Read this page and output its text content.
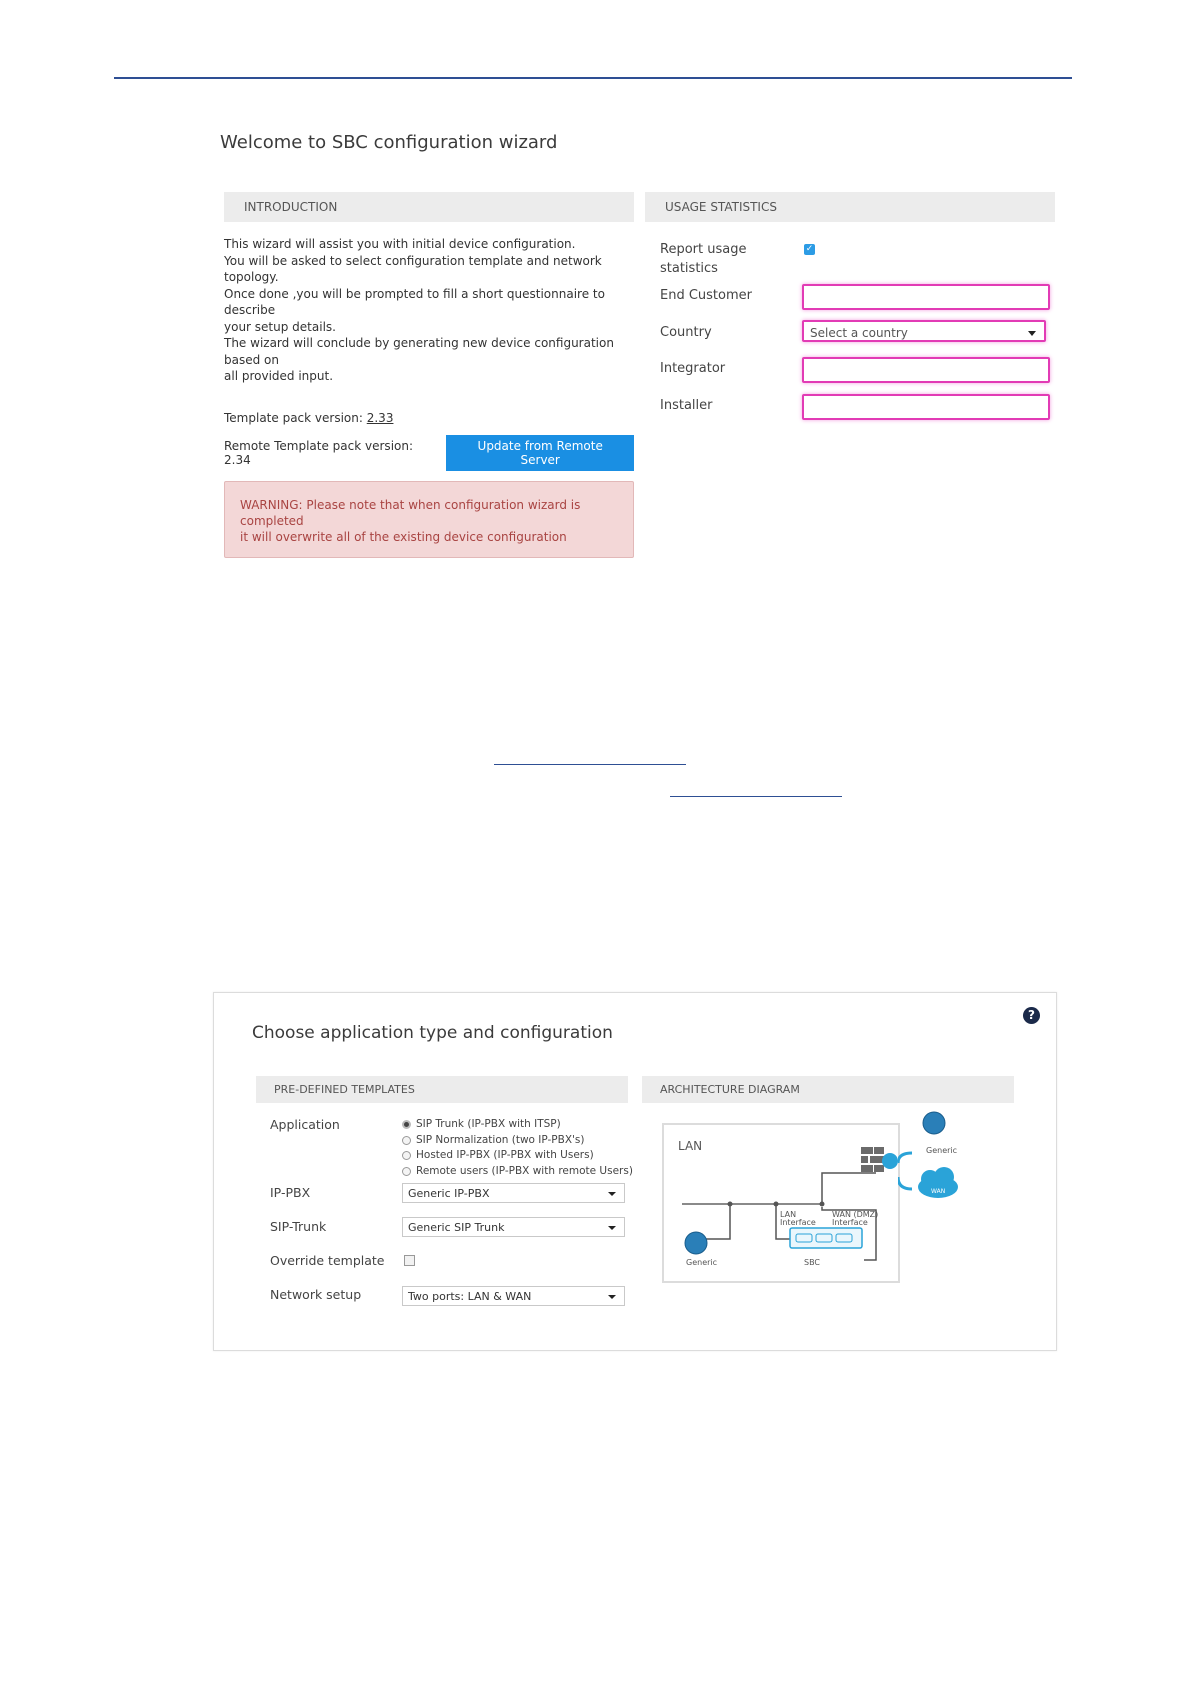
Welcome to SBC configuration wizard
INTRODUCTION

This wizard will assist you with initial device configuration.

You will be asked to select configuration template and network topology.

Once done ,you will be prompted to fill a short questionnaire to describe

your setup details.

The wizard will conclude by generating new device configuration based on

all provided input.

Template pack version: 2.33
Remote Template pack version: 2.34
Update from Remote Server
WARNING: Please note that when configuration wizard is completed
it will overwrite all of the existing device configuration
USAGE STATISTICS
Report usage
statistics
✓
End Customer
Country	Select a country
Integrator
Installer
Choose application type and configuration
?
PRE-DEFINED TEMPLATES	ARCHITECTURE DIAGRAM
Application	SIP Trunk (IP-PBX with ITSP)
SIP Normalization (two IP-PBX's)
Hosted IP-PBX (IP-PBX with Users)
Remote users (IP-PBX with remote Users)
IP-PBX	Generic IP-PBX
SIP-Trunk	Generic SIP Trunk
Override template
Network setup	Two ports: LAN & WAN
LAN
Generic
LAN
Interface
WAN (DMZ)
Interface
SBC
Generic
WAN
